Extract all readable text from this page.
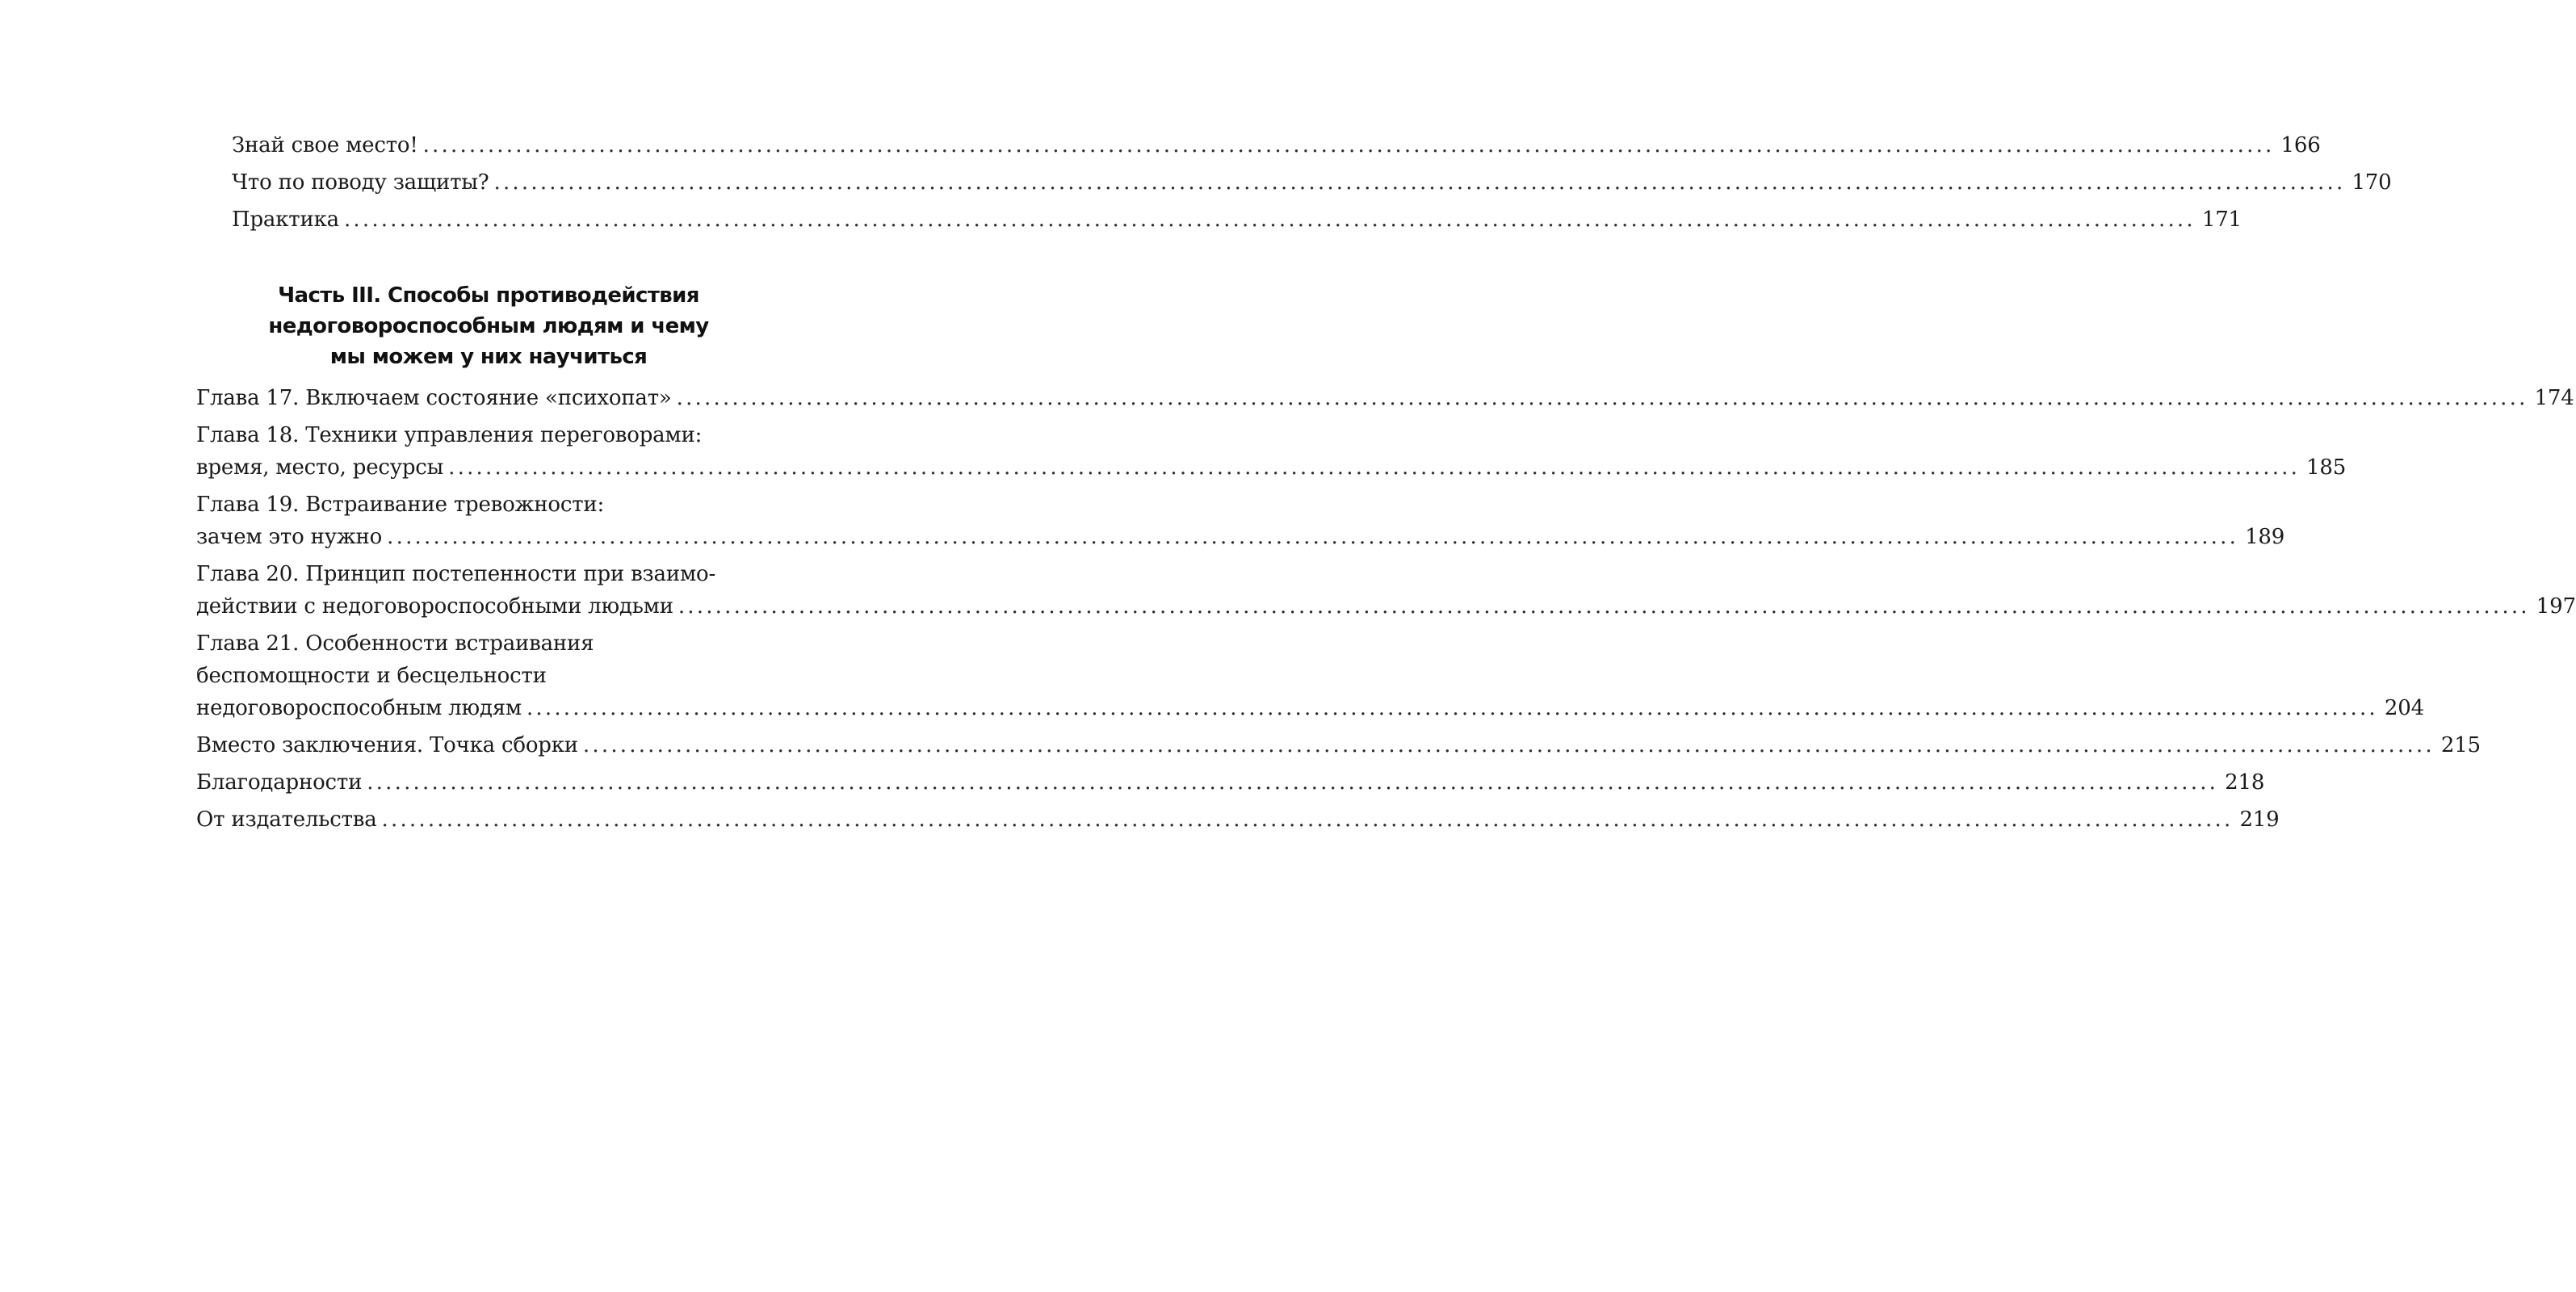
Знай свое место! ........................................................................................................................................................................................................ 166
Что по поводу защиты? ........................................................................................................................................................................................................ 170
Практика ........................................................................................................................................................................................................ 171
Часть III. Способы противодействия
недоговороспособным людям и чему
мы можем у них научиться
Глава 17. Включаем состояние «психопат» ........................................................................................................................................................................................................ 174
Глава 18. Техники управления переговорами:
время, место, ресурсы ........................................................................................................................................................................................................ 185
Глава 19. Встраивание тревожности:
зачем это нужно ........................................................................................................................................................................................................ 189
Глава 20. Принцип постепенности при взаимо-
действии с недоговороспособными людьми ........................................................................................................................................................................................................ 197
Глава 21. Особенности встраивания
беспомощности и бесцельности
недоговороспособным людям ........................................................................................................................................................................................................ 204
Вместо заключения. Точка сборки ........................................................................................................................................................................................................ 215
Благодарности ........................................................................................................................................................................................................ 218
От издательства ........................................................................................................................................................................................................ 219
